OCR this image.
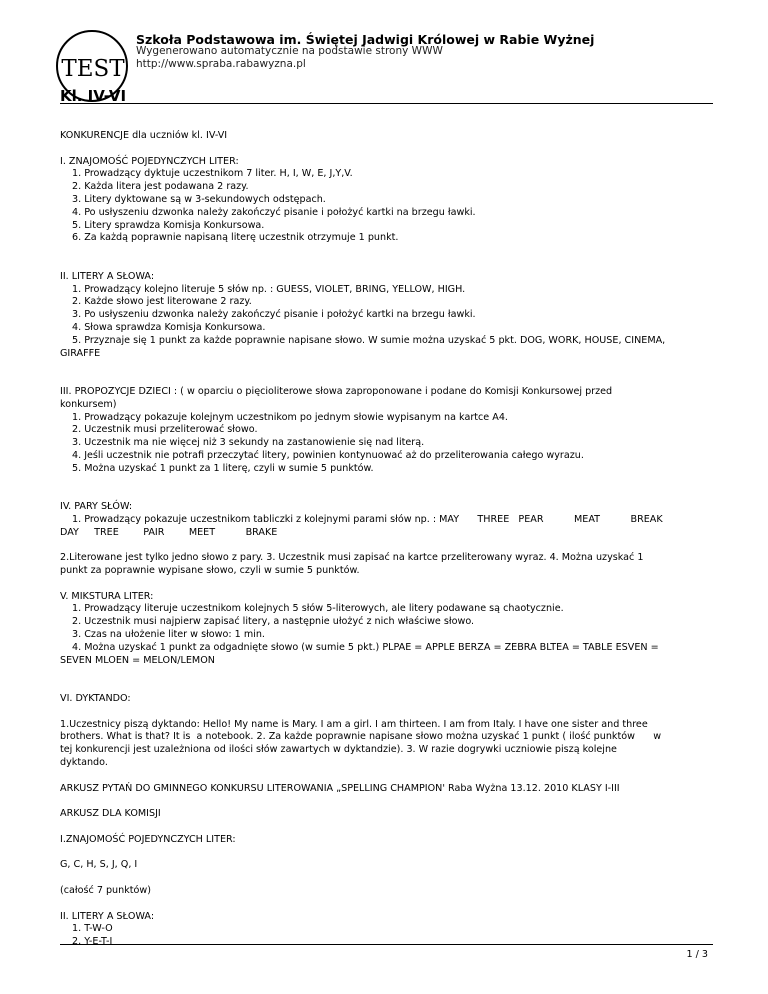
TEST
Szkoła Podstawowa im. Świętej Jadwigi Królowej w Rabie Wyżnej
Wygenerowano automatycznie na podstawie strony WWW
http://www.spraba.rabawyzna.pl
Kl. IV-VI

KONKURENCJE dla uczniów kl. IV-VI

I. ZNAJOMOŚĆ POJEDYNCZYCH LITER:

1. Prowadzący dyktuje uczestnikom 7 liter. H, I, W, E, J,Y,V.

2. Każda litera jest podawana 2 razy.

3. Litery dyktowane są w 3-sekundowych odstępach.

4. Po usłyszeniu dzwonka należy zakończyć pisanie i położyć kartki na brzegu ławki.

5. Litery sprawdza Komisja Konkursowa.

6. Za każdą poprawnie napisaną literę uczestnik otrzymuje 1 punkt.

II. LITERY A SŁOWA:

1. Prowadzący kolejno literuje 5 słów np. : GUESS, VIOLET, BRING, YELLOW, HIGH.

2. Każde słowo jest literowane 2 razy.

3. Po usłyszeniu dzwonka należy zakończyć pisanie i położyć kartki na brzegu ławki.

4. Słowa sprawdza Komisja Konkursowa.

5. Przyznaje się 1 punkt za każde poprawnie napisane słowo. W sumie można uzyskać 5 pkt. DOG, WORK, HOUSE, CINEMA,

GIRAFFE

III. PROPOZYCJE DZIECI : ( w oparciu o pięcioliterowe słowa zaproponowane i podane do Komisji Konkursowej przed

konkursem)

1. Prowadzący pokazuje kolejnym uczestnikom po jednym słowie wypisanym na kartce A4.

2. Uczestnik musi przeliterować słowo.

3. Uczestnik ma nie więcej niż 3 sekundy na zastanowienie się nad literą.

4. Jeśli uczestnik nie potrafi przeczytać litery, powinien kontynuować aż do przeliterowania całego wyrazu.

5. Można uzyskać 1 punkt za 1 literę, czyli w sumie 5 punktów.

IV. PARY SŁÓW:

1. Prowadzący pokazuje uczestnikom tabliczki z kolejnymi parami słów np. : MAY      THREE   PEAR          MEAT          BREAK

DAY     TREE        PAIR        MEET          BRAKE

2.Literowane jest tylko jedno słowo z pary. 3. Uczestnik musi zapisać na kartce przeliterowany wyraz. 4. Można uzyskać 1

punkt za poprawnie wypisane słowo, czyli w sumie 5 punktów.

V. MIKSTURA LITER:

1. Prowadzący literuje uczestnikom kolejnych 5 słów 5-literowych, ale litery podawane są chaotycznie.

2. Uczestnik musi najpierw zapisać litery, a następnie ułożyć z nich właściwe słowo.

3. Czas na ułożenie liter w słowo: 1 min.

4. Można uzyskać 1 punkt za odgadnięte słowo (w sumie 5 pkt.) PLPAE = APPLE BERZA = ZEBRA BLTEA = TABLE ESVEN =

SEVEN MLOEN = MELON/LEMON

VI. DYKTANDO:

1.Uczestnicy piszą dyktando: Hello! My name is Mary. I am a girl. I am thirteen. I am from Italy. I have one sister and three

brothers. What is that? It is  a notebook. 2. Za każde poprawnie napisane słowo można uzyskać 1 punkt ( ilość punktów      w

tej konkurencji jest uzależniona od ilości słów zawartych w dyktandzie). 3. W razie dogrywki uczniowie piszą kolejne

dyktando.

ARKUSZ PYTAŃ DO GMINNEGO KONKURSU LITEROWANIA „SPELLING CHAMPION' Raba Wyżna 13.12. 2010 KLASY I-III

ARKUSZ DLA KOMISJI

I.ZNAJOMOŚĆ POJEDYNCZYCH LITER:

G, C, H, S, J, Q, I

(całość 7 punktów)

II. LITERY A SŁOWA:

1. T-W-O

2. Y-E-T-I

1 / 3
